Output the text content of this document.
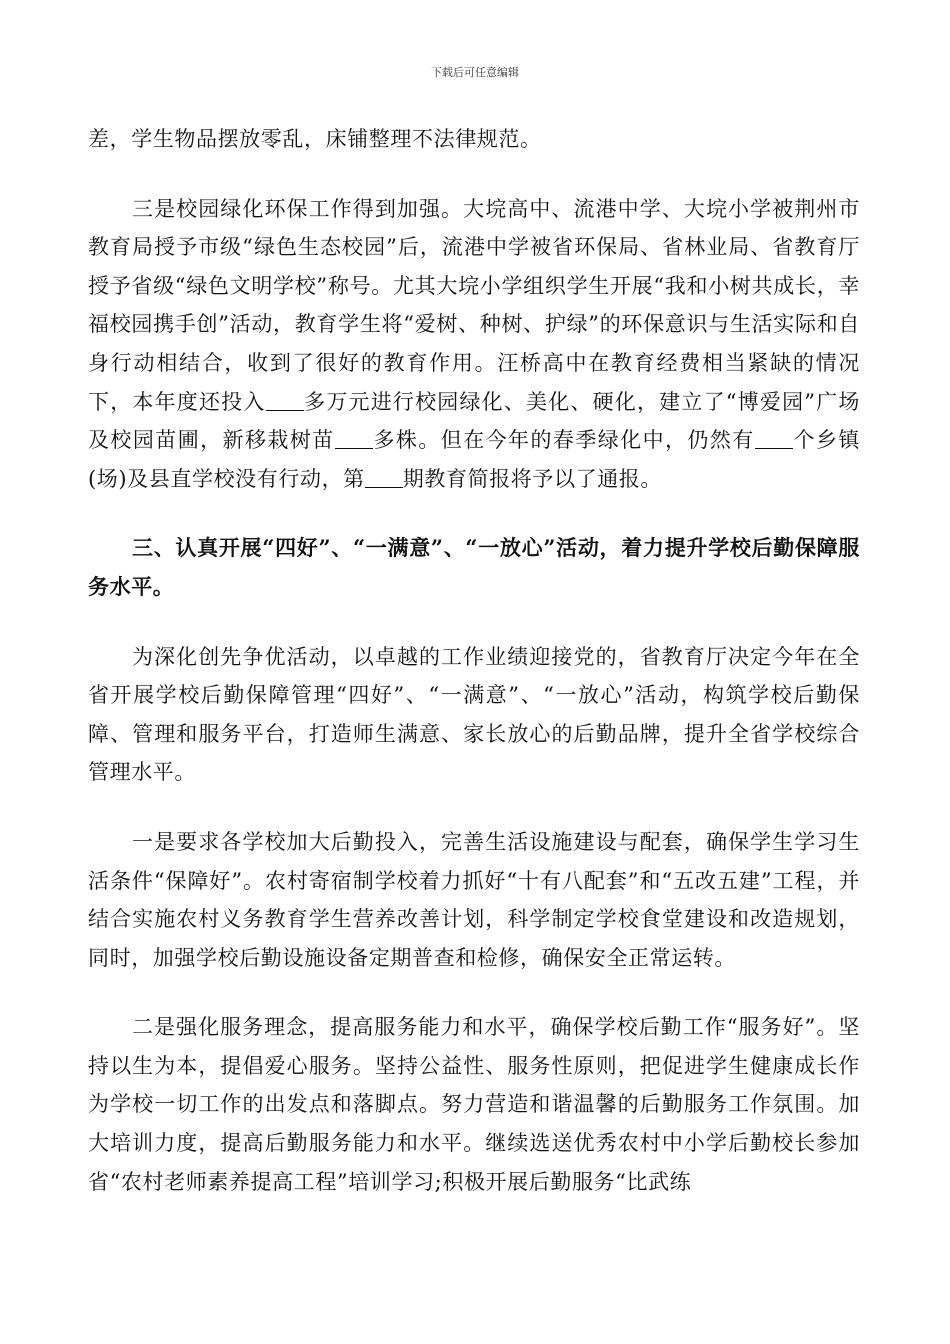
下载后可任意编辑

差，学生物品摆放零乱，床铺整理不法律规范。

三是校园绿化环保工作得到加强。大垸高中、流港中学、大垸小学被荆州市教育局授予市级“绿色生态校园”后，流港中学被省环保局、省林业局、省教育厅授予省级“绿色文明学校”称号。尤其大垸小学组织学生开展“我和小树共成长，幸福校园携手创”活动，教育学生将“爱树、种树、护绿”的环保意识与生活实际和自身行动相结合，收到了很好的教育作用。汪桥高中在教育经费相当紧缺的情况下，本年度还投入 多万元进行校园绿化、美化、硬化，建立了“博爱园”广场及校园苗圃，新移栽树苗 多株。但在今年的春季绿化中，仍然有 个乡镇(场)及县直学校没有行动，第 期教育简报将予以了通报。

三、认真开展“四好”、“一满意”、“一放心”活动，着力提升学校后勤保障服务水平。

为深化创先争优活动，以卓越的工作业绩迎接党的，省教育厅决定今年在全省开展学校后勤保障管理“四好”、“一满意”、“一放心”活动，构筑学校后勤保障、管理和服务平台，打造师生满意、家长放心的后勤品牌，提升全省学校综合管理水平。

一是要求各学校加大后勤投入，完善生活设施建设与配套，确保学生学习生活条件“保障好”。农村寄宿制学校着力抓好“十有八配套”和“五改五建”工程，并结合实施农村义务教育学生营养改善计划，科学制定学校食堂建设和改造规划，同时，加强学校后勤设施设备定期普查和检修，确保安全正常运转。

二是强化服务理念，提高服务能力和水平，确保学校后勤工作“服务好”。坚持以生为本，提倡爱心服务。坚持公益性、服务性原则，把促进学生健康成长作为学校一切工作的出发点和落脚点。努力营造和谐温馨的后勤服务工作氛围。加大培训力度，提高后勤服务能力和水平。继续选送优秀农村中小学后勤校长参加省“农村老师素养提高工程”培训学习;积极开展后勤服务“比武练
